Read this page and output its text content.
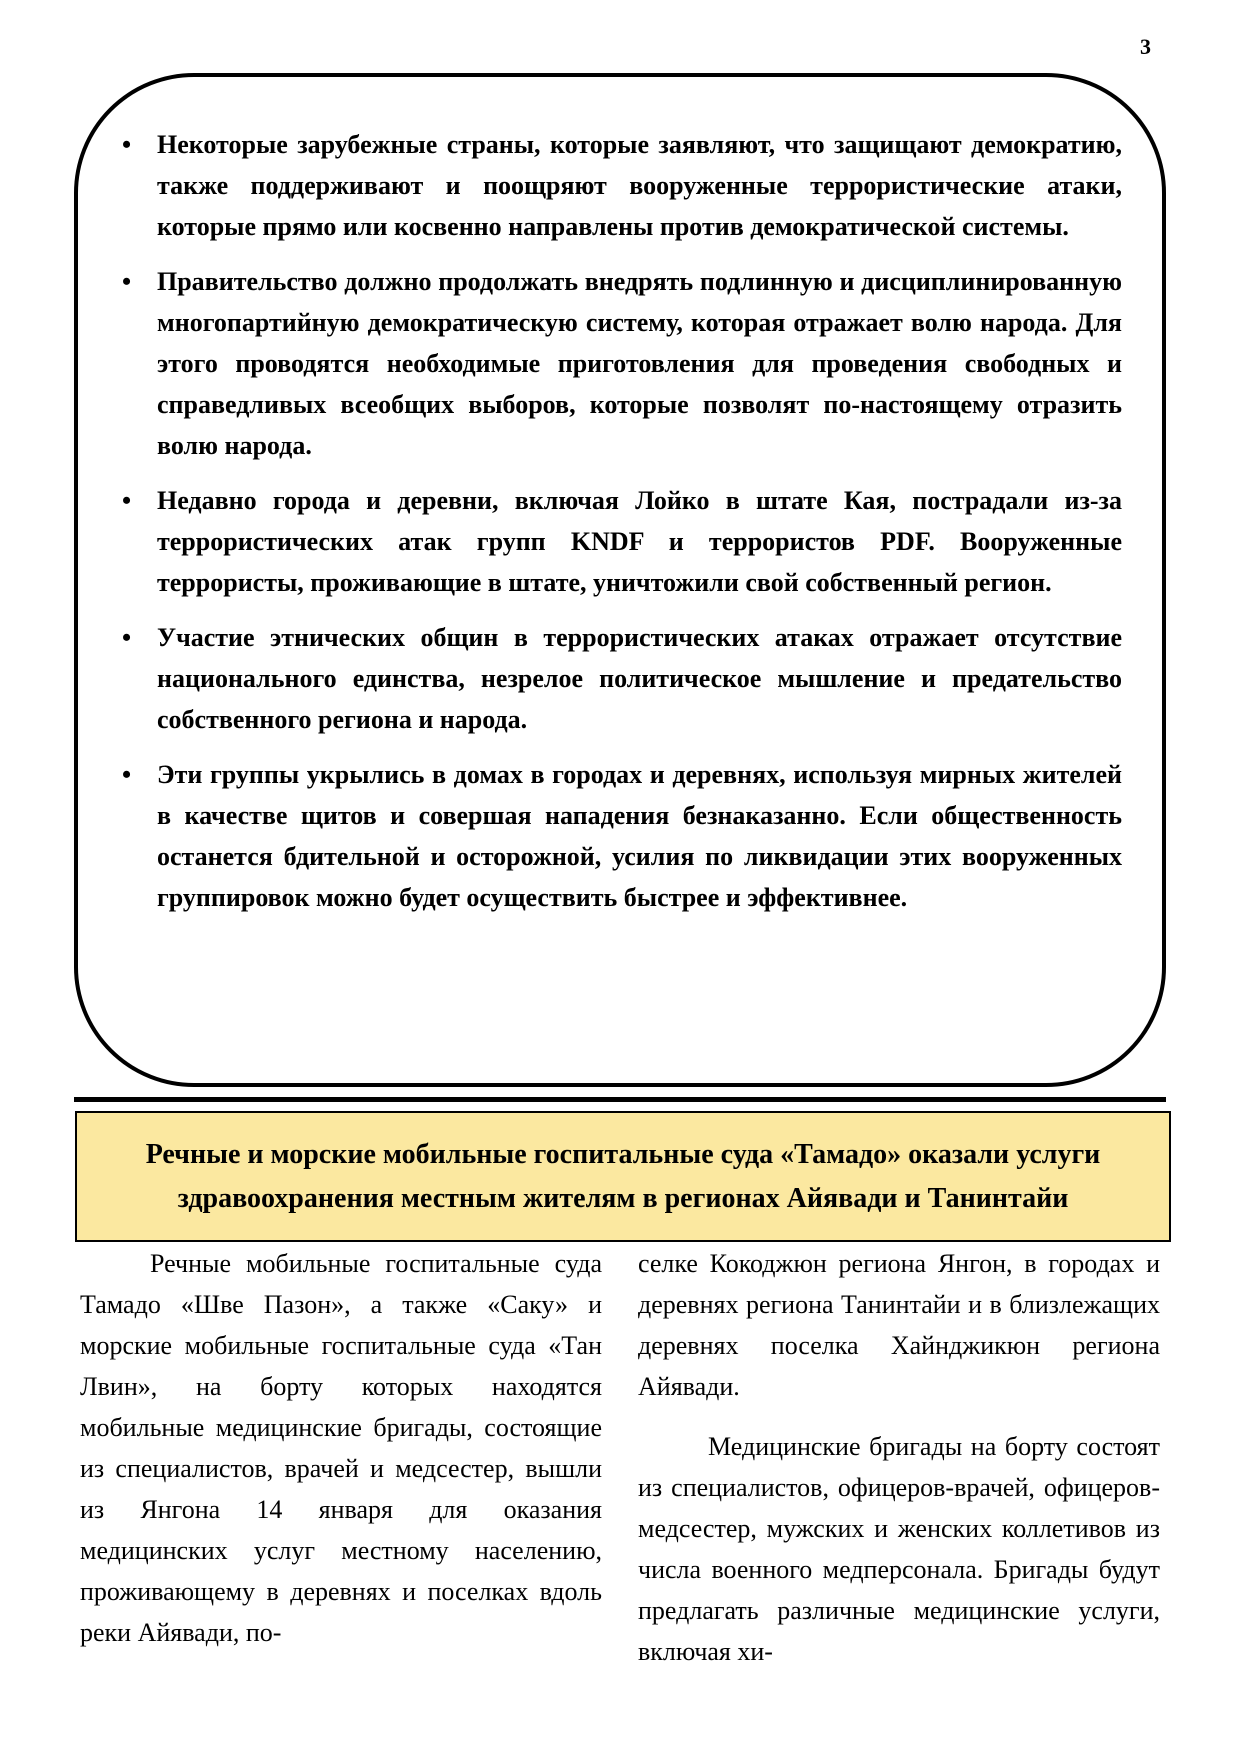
3
• Некоторые зарубежные страны, которые заявляют, что защищают демократию, также поддерживают и поощряют вооруженные террористические атаки, которые прямо или косвенно направлены против демократической системы.
• Правительство должно продолжать внедрять подлинную и дисциплинированную многопартийную демократическую систему, которая отражает волю народа. Для этого проводятся необходимые приготовления для проведения свободных и справедливых всеобщих выборов, которые позволят по-настоящему отразить волю народа.
• Недавно города и деревни, включая Лойко в штате Кая, пострадали из-за террористических атак групп KNDF и террористов PDF. Вооруженные террористы, проживающие в штате, уничтожили свой собственный регион.
• Участие этнических общин в террористических атаках отражает отсутствие национального единства, незрелое политическое мышление и предательство собственного региона и народа.
• Эти группы укрылись в домах в городах и деревнях, используя мирных жителей в качестве щитов и совершая нападения безнаказанно. Если общественность останется бдительной и осторожной, усилия по ликвидации этих вооруженных группировок можно будет осуществить быстрее и эффективнее.

Речные и морские мобильные госпитальные суда «Тамадо» оказали услуги здравоохранения местным жителям в регионах Айявади и Танинтайи

Речные мобильные госпитальные суда Тамадо «Шве Пазон», а также «Саку» и морские мобильные госпитальные суда «Тан Лвин», на борту которых находятся мобильные медицинские бригады, состоящие из специалистов, врачей и медсестер, вышли из Янгона 14 января для оказания медицинских услуг местному населению, проживающему в деревнях и поселках вдоль реки Айявади, по-

селке Кокоджюн региона Янгон, в городах и деревнях региона Танинтайи и в близлежащих деревнях поселка Хайнджикюн региона Айявади.

Медицинские бригады на борту состоят из специалистов, офицеров-врачей, офицеров-медсестер, мужских и женских коллетивов из числа военного медперсонала. Бригады будут предлагать различные медицинские услуги, включая хи-
